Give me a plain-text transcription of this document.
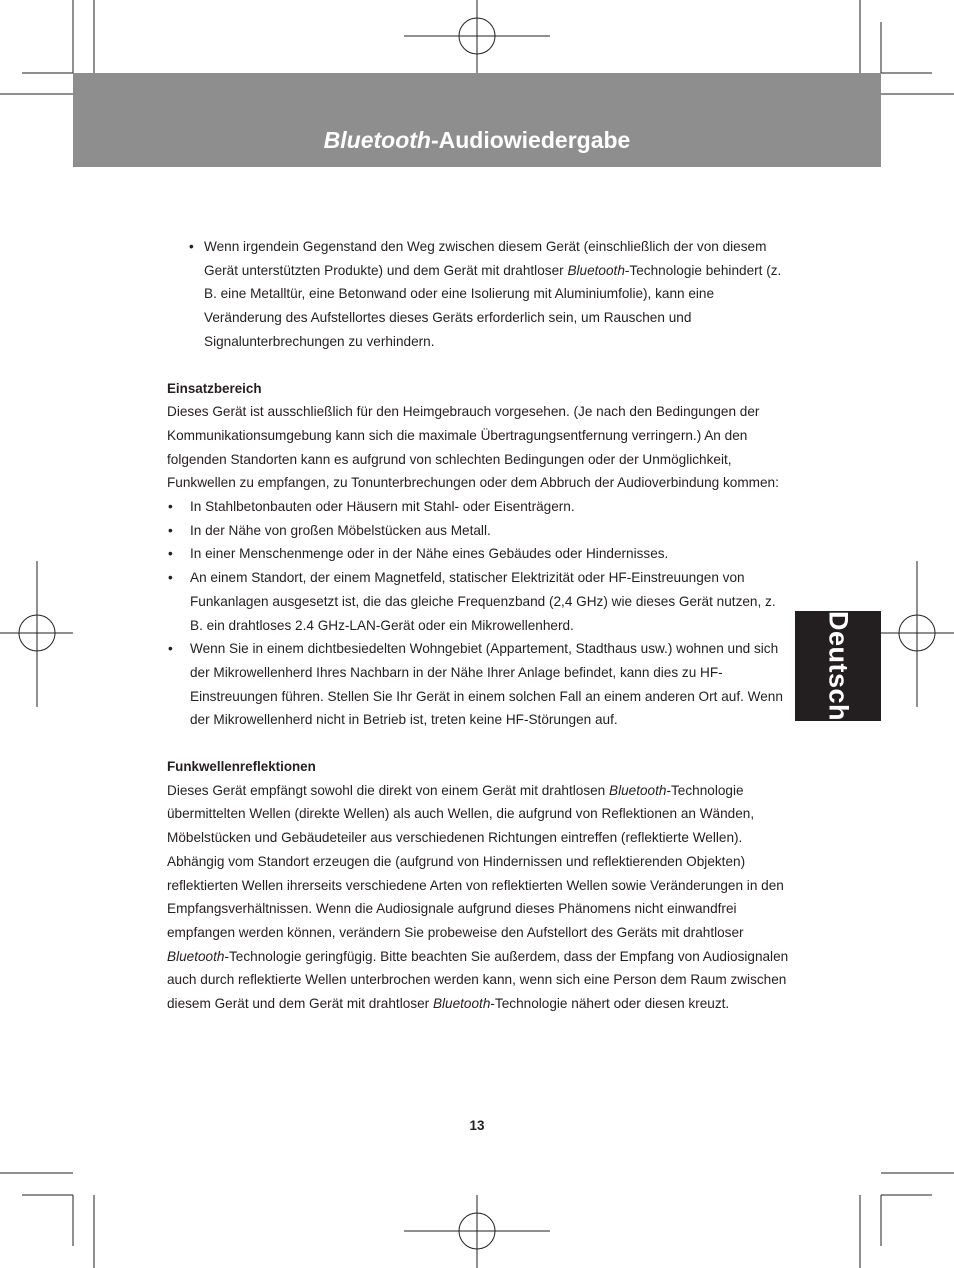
Bluetooth-Audiowiedergabe
Deutsch
• Wenn irgendein Gegenstand den Weg zwischen diesem Gerät (einschließlich der von diesem Gerät unterstützten Produkte) und dem Gerät mit drahtloser Bluetooth-Technologie behindert (z. B. eine Metalltür, eine Betonwand oder eine Isolierung mit Aluminiumfolie), kann eine Veränderung des Aufstellortes dieses Geräts erforderlich sein, um Rauschen und Signalunterbrechungen zu verhindern.

Einsatzbereich

Dieses Gerät ist ausschließlich für den Heimgebrauch vorgesehen. (Je nach den Bedingungen der Kommunikationsumgebung kann sich die maximale Übertragungsentfernung verringern.) An den folgenden Standorten kann es aufgrund von schlechten Bedingungen oder der Unmöglichkeit, Funkwellen zu empfangen, zu Tonunterbrechungen oder dem Abbruch der Audioverbindung kommen:

• In Stahlbetonbauten oder Häusern mit Stahl- oder Eisenträgern.
• In der Nähe von großen Möbelstücken aus Metall.
• In einer Menschenmenge oder in der Nähe eines Gebäudes oder Hindernisses.
• An einem Standort, der einem Magnetfeld, statischer Elektrizität oder HF-Einstreuungen von Funkanlagen ausgesetzt ist, die das gleiche Frequenzband (2,4 GHz) wie dieses Gerät nutzen, z. B. ein drahtloses 2.4 GHz-LAN-Gerät oder ein Mikrowellenherd.
• Wenn Sie in einem dichtbesiedelten Wohngebiet (Appartement, Stadthaus usw.) wohnen und sich der Mikrowellenherd Ihres Nachbarn in der Nähe Ihrer Anlage befindet, kann dies zu HF-Einstreuungen führen. Stellen Sie Ihr Gerät in einem solchen Fall an einem anderen Ort auf. Wenn der Mikrowellenherd nicht in Betrieb ist, treten keine HF-Störungen auf.

Funkwellenreflektionen

Dieses Gerät empfängt sowohl die direkt von einem Gerät mit drahtlosen Bluetooth-Technologie übermittelten Wellen (direkte Wellen) als auch Wellen, die aufgrund von Reflektionen an Wänden, Möbelstücken und Gebäudeteiler aus verschiedenen Richtungen eintreffen (reflektierte Wellen). Abhängig vom Standort erzeugen die (aufgrund von Hindernissen und reflektierenden Objekten) reflektierten Wellen ihrerseits verschiedene Arten von reflektierten Wellen sowie Veränderungen in den Empfangsverhältnissen. Wenn die Audiosignale aufgrund dieses Phänomens nicht einwandfrei empfangen werden können, verändern Sie probeweise den Aufstellort des Geräts mit drahtloser Bluetooth-Technologie geringfügig. Bitte beachten Sie außerdem, dass der Empfang von Audiosignalen auch durch reflektierte Wellen unterbrochen werden kann, wenn sich eine Person dem Raum zwischen diesem Gerät und dem Gerät mit drahtloser Bluetooth-Technologie nähert oder diesen kreuzt.

13
